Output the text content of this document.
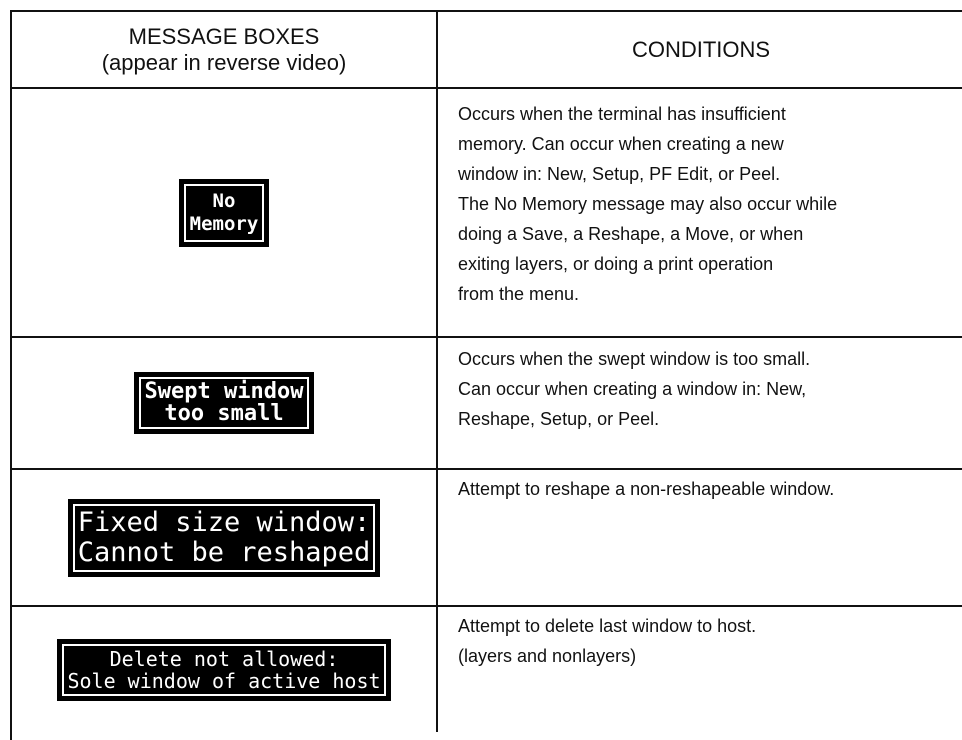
MESSAGE BOXES
(appear in reverse video)
CONDITIONS
No
Memory
Occurs when the terminal has insufficient
memory. Can occur when creating a new
window in: New, Setup, PF Edit, or Peel.
The No Memory message may also occur while
doing a Save, a Reshape, a Move, or when
exiting layers, or doing a print operation
from the menu.
Swept window
too small
Occurs when the swept window is too small.
Can occur when creating a window in: New,
Reshape, Setup, or Peel.
Fixed size window:
Cannot be reshaped
Attempt to reshape a non-reshapeable window.
Delete not allowed:
Sole window of active host
Attempt to delete last window to host.
(layers and nonlayers)
